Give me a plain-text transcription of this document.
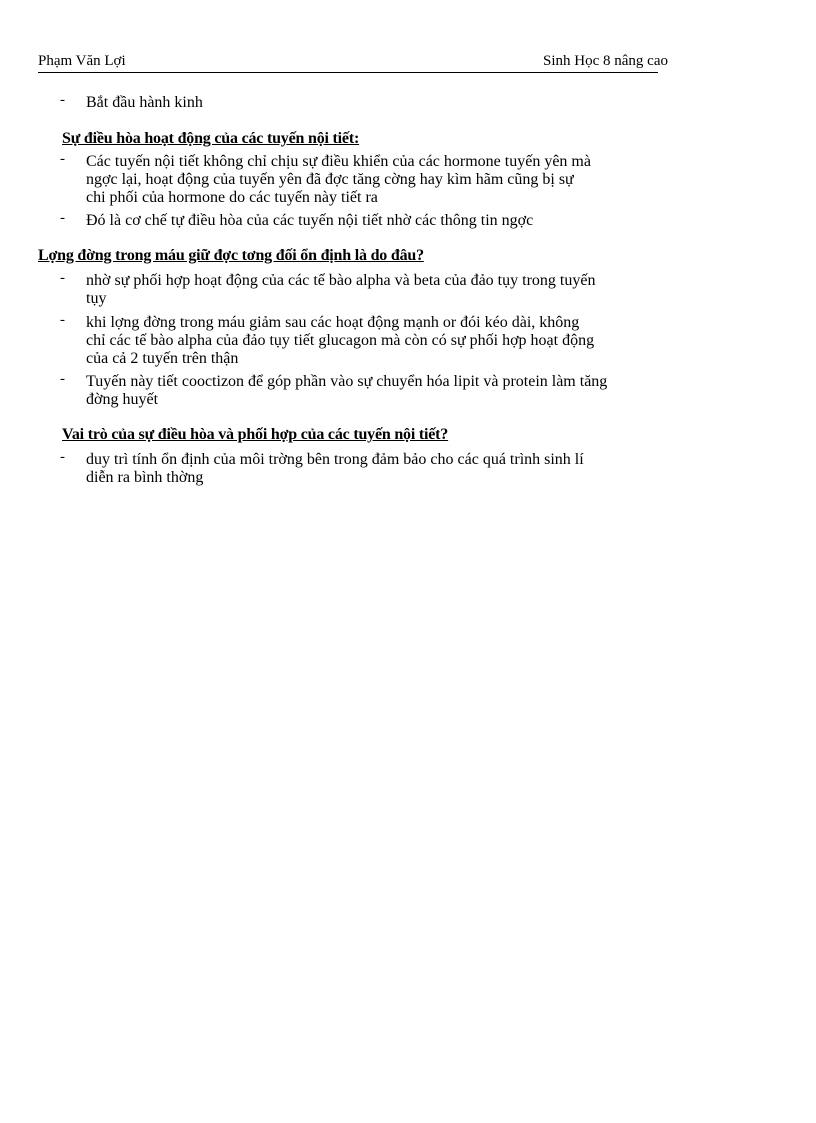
Phạm Văn Lợi	Sinh Học 8 nâng cao
- Bắt đầu hành kinh
Sự điều hòa hoạt động của các tuyến nội tiết:
- Các tuyến nội tiết không chỉ chịu sự điều khiển của các hormone tuyến yên mà
ngợc lại, hoạt động của tuyến yên đã đợc tăng cờng hay kìm hãm cũng bị sự
chi phối của hormone do các tuyến này tiết ra
- Đó là cơ chế tự điều hòa của các tuyến nội tiết nhờ các thông tin ngợc
Lợng đờng trong máu giữ đợc tơng đối ổn định là do đâu?
- nhờ sự phối hợp hoạt động của các tế bào alpha và beta của đảo tụy trong tuyến
tụy
- khi lợng đờng trong máu giảm sau các hoạt động mạnh or đói kéo dài, không
chỉ các tế bào alpha của đảo tụy tiết glucagon mà còn có sự phối hợp hoạt động
của cả 2 tuyến trên thận
- Tuyến này tiết cooctizon để góp phần vào sự chuyển hóa lipit và protein làm tăng
đờng huyết
Vai trò của sự điều hòa và phối hợp của các tuyến nội tiết?
- duy trì tính ổn định của môi trờng bên trong đảm bảo cho các quá trình sinh lí
diễn ra bình thờng
